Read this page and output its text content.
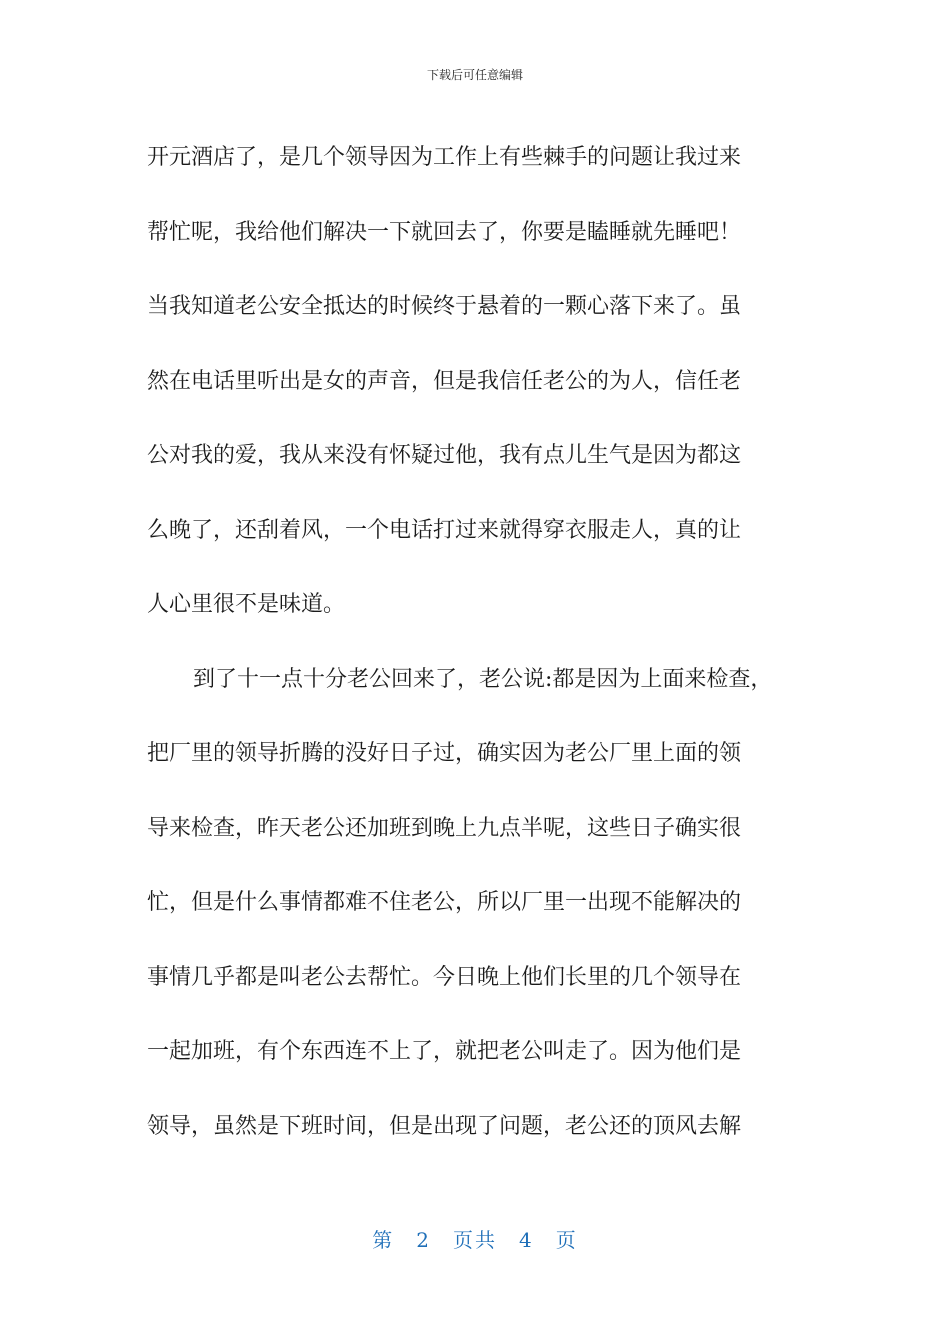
下载后可任意编辑
开元酒店了，是几个领导因为工作上有些棘手的问题让我过来
帮忙呢，我给他们解决一下就回去了，你要是瞌睡就先睡吧！
当我知道老公安全抵达的时候终于悬着的一颗心落下来了。虽
然在电话里听出是女的声音，但是我信任老公的为人，信任老
公对我的爱，我从来没有怀疑过他，我有点儿生气是因为都这
么晚了，还刮着风，一个电话打过来就得穿衣服走人，真的让
人心里很不是味道。
到了十一点十分老公回来了，老公说:都是因为上面来检查，
把厂里的领导折腾的没好日子过，确实因为老公厂里上面的领
导来检查，昨天老公还加班到晚上九点半呢，这些日子确实很
忙，但是什么事情都难不住老公，所以厂里一出现不能解决的
事情几乎都是叫老公去帮忙。今日晚上他们长里的几个领导在
一起加班，有个东西连不上了，就把老公叫走了。因为他们是
领导，虽然是下班时间，但是出现了问题，老公还的顶风去解
第 2 页共 4 页
